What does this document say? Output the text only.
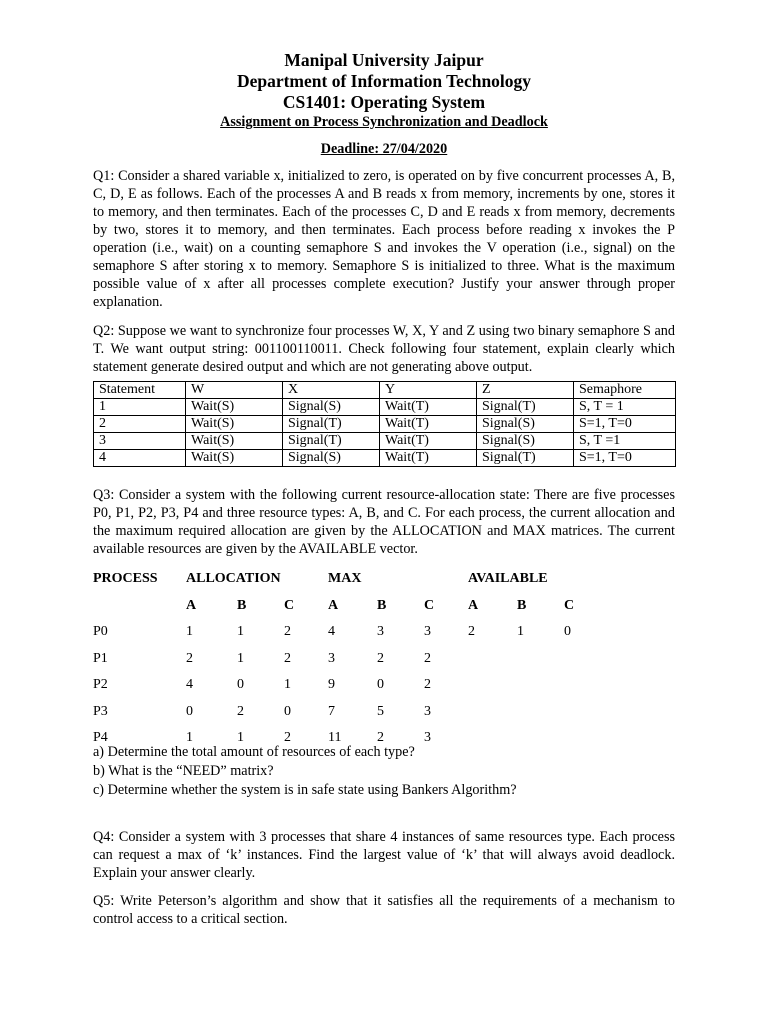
Manipal University Jaipur
Department of Information Technology
CS1401: Operating System
Assignment on Process Synchronization and Deadlock
Deadline: 27/04/2020

Q1: Consider a shared variable x, initialized to zero, is operated on by five concurrent processes A, B, C, D, E as follows. Each of the processes A and B reads x from memory, increments by one, stores it to memory, and then terminates. Each of the processes C, D and E reads x from memory, decrements by two, stores it to memory, and then terminates. Each process before reading x invokes the P operation (i.e., wait) on a counting semaphore S and invokes the V operation (i.e., signal) on the semaphore S after storing x to memory. Semaphore S is initialized to three. What is the maximum possible value of x after all processes complete execution? Justify your answer through proper explanation.

Q2: Suppose we want to synchronize four processes W, X, Y and Z using two binary semaphore S and T. We want output string: 001100110011. Check following four statement, explain clearly which statement generate desired output and which are not generating above output.

Statement	W	X	Y	Z	Semaphore
1	Wait(S)	Signal(S)	Wait(T)	Signal(T)	S, T = 1
2	Wait(S)	Signal(T)	Wait(T)	Signal(S)	S=1, T=0
3	Wait(S)	Signal(T)	Wait(T)	Signal(S)	S, T =1
4	Wait(S)	Signal(S)	Wait(T)	Signal(T)	S=1, T=0

Q3: Consider a system with the following current resource-allocation state: There are five processes P0, P1, P2, P3, P4 and three resource types: A, B, and C. For each process, the current allocation and the maximum required allocation are given by the ALLOCATION and MAX matrices. The current available resources are given by the AVAILABLE vector.

PROCESS	ALLOCATION			MAX			AVAILABLE		
	A	B	C	A	B	C	A	B	C
P0	1	1	2	4	3	3	2	1	0
P1	2	1	2	3	2	2			
P2	4	0	1	9	0	2			
P3	0	2	0	7	5	3			
P4	1	1	2	11	2	3			
a) Determine the total amount of resources of each type?
b) What is the “NEED” matrix?
c) Determine whether the system is in safe state using Bankers Algorithm?

Q4: Consider a system with 3 processes that share 4 instances of same resources type. Each process can request a max of ‘k’ instances. Find the largest value of ‘k’ that will always avoid deadlock. Explain your answer clearly.

Q5: Write Peterson’s algorithm and show that it satisfies all the requirements of a mechanism to control access to a critical section.
